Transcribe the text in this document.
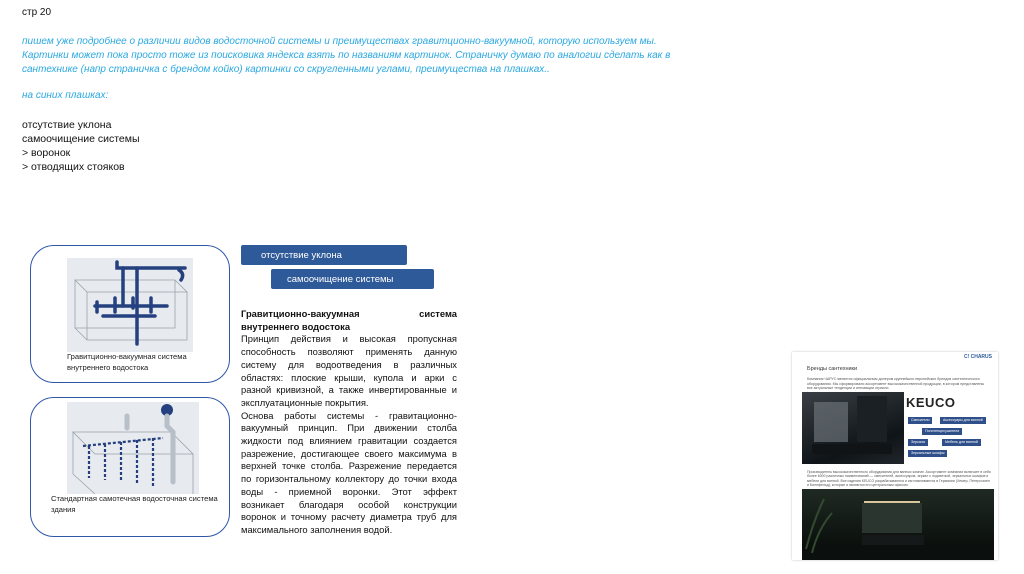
стр 20
пишем уже подробнее о различии видов водосточной системы и преимуществах гравитционно-вакуумной, которую используем мы.
Картинки может пока просто тоже из поисковика яндекса взять по названиям картинок. Страничку думаю по аналогии сделать как в
сантехнике (напр страничка с брендом койко) картинки со скругленными углами, преимущества на плашках..
на синих плашках:
отсутствие уклона
самоочищение системы
> воронок
> отводящих стояков
Гравитционно-вакуумная система внутреннего водостока
Стандартная самотечная водосточная система здания
отсутствие уклона
самоочищение системы
Гравитционно-вакуумная система внутреннего водостока

Принцип действия и высокая пропускная способность позволяют применять данную систему для водоотведения в различных областях: плоские крыши, купола и арки с разной кривизной, а также инвертированные и эксплуатационные покрытия.

Основа работы системы - гравитационно-вакуумный принцип. При движении столба жидкости под влиянием гравитации создается разрежение, достигающее своего максимума в верхней точке столба. Разрежение передается по горизонтальному коллектору до точки входа воды - приемной воронки. Этот эффект возникает благодаря особой конструкции воронок и точному расчету диаметра труб для максимального заполнения водой.

C! CHARUS
Бренды сантехники
Компания ЧАРУС является официальным дилером крупнейших европейских брендов сантехнического оборудования. Мы сформировали ассортимент высококачественной продукции, в котором представлены все актуальные тенденции и инновации отрасли.
KEUCO
Смесители	Аксессуары для ванной
Полотенцесушители
Зеркала	Мебель для ванной
Зеркальные шкафы
Производитель высококачественного оборудования для ванных комнат. Ассортимент компании включает в себя более 6000 различных наименований — смесителей, аксессуаров, зеркал с подсветкой, зеркальных шкафов и мебели для ванной. Все изделия KEUCO разрабатываются и изготавливаются в Германии (Хемер, Петерсхаген и Билефельд), которые и являются его центральным офисом.
